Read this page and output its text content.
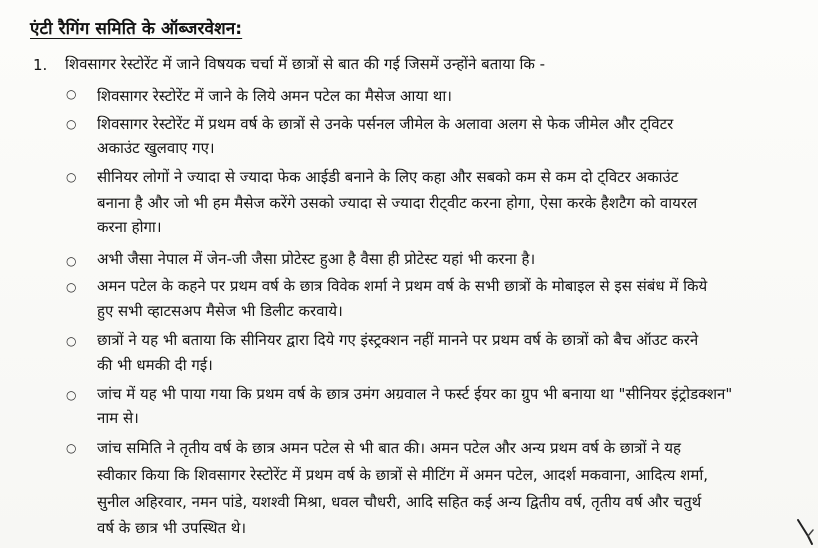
एंटी रैगिंग समिति के ऑब्जरवेशन:
1. शिवसागर रेस्टोरेंट में जाने विषयक चर्चा में छात्रों से बात की गई जिसमें उन्होंने बताया कि -
○
○
○
○
○
○
○
○
शिवसागर रेस्टोरेंट में जाने के लिये अमन पटेल का मैसेज आया था।
शिवसागर रेस्टोरेंट में प्रथम वर्ष के छात्रों से उनके पर्सनल जीमेल के अलावा अलग से फेक जीमेल और ट्विटर
अकाउंट खुलवाए गए।
सीनियर लोगों ने ज्यादा से ज्यादा फेक आईडी बनाने के लिए कहा और सबको कम से कम दो ट्विटर अकाउंट
बनाना है और जो भी हम मैसेज करेंगे उसको ज्यादा से ज्यादा रीट्वीट करना होगा, ऐसा करके हैशटैग को वायरल
करना होगा।
अभी जैसा नेपाल में जेन-जी जैसा प्रोटेस्ट हुआ है वैसा ही प्रोटेस्ट यहां भी करना है।
अमन पटेल के कहने पर प्रथम वर्ष के छात्र विवेक शर्मा ने प्रथम वर्ष के सभी छात्रों के मोबाइल से इस संबंध में किये
हुए सभी व्हाटसअप मैसेज भी डिलीट करवाये।
छात्रों ने यह भी बताया कि सीनियर द्वारा दिये गए इंस्ट्रक्शन नहीं मानने पर प्रथम वर्ष के छात्रों को बैच ऑउट करने
की भी धमकी दी गई।
जांच में यह भी पाया गया कि प्रथम वर्ष के छात्र उमंग अग्रवाल ने फर्स्ट ईयर का ग्रुप भी बनाया था "सीनियर इंट्रोडक्शन"
नाम से।
जांच समिति ने तृतीय वर्ष के छात्र अमन पटेल से भी बात की। अमन पटेल और अन्य प्रथम वर्ष के छात्रों ने यह
स्वीकार किया कि शिवसागर रेस्टोरेंट में प्रथम वर्ष के छात्रों से मीटिंग में अमन पटेल, आदर्श मकवाना, आदित्य शर्मा,
सुनील अहिरवार, नमन पांडे, यशश्वी मिश्रा, धवल चौधरी, आदि सहित कई अन्य द्वितीय वर्ष, तृतीय वर्ष और चतुर्थ
वर्ष के छात्र भी उपस्थित थे।
